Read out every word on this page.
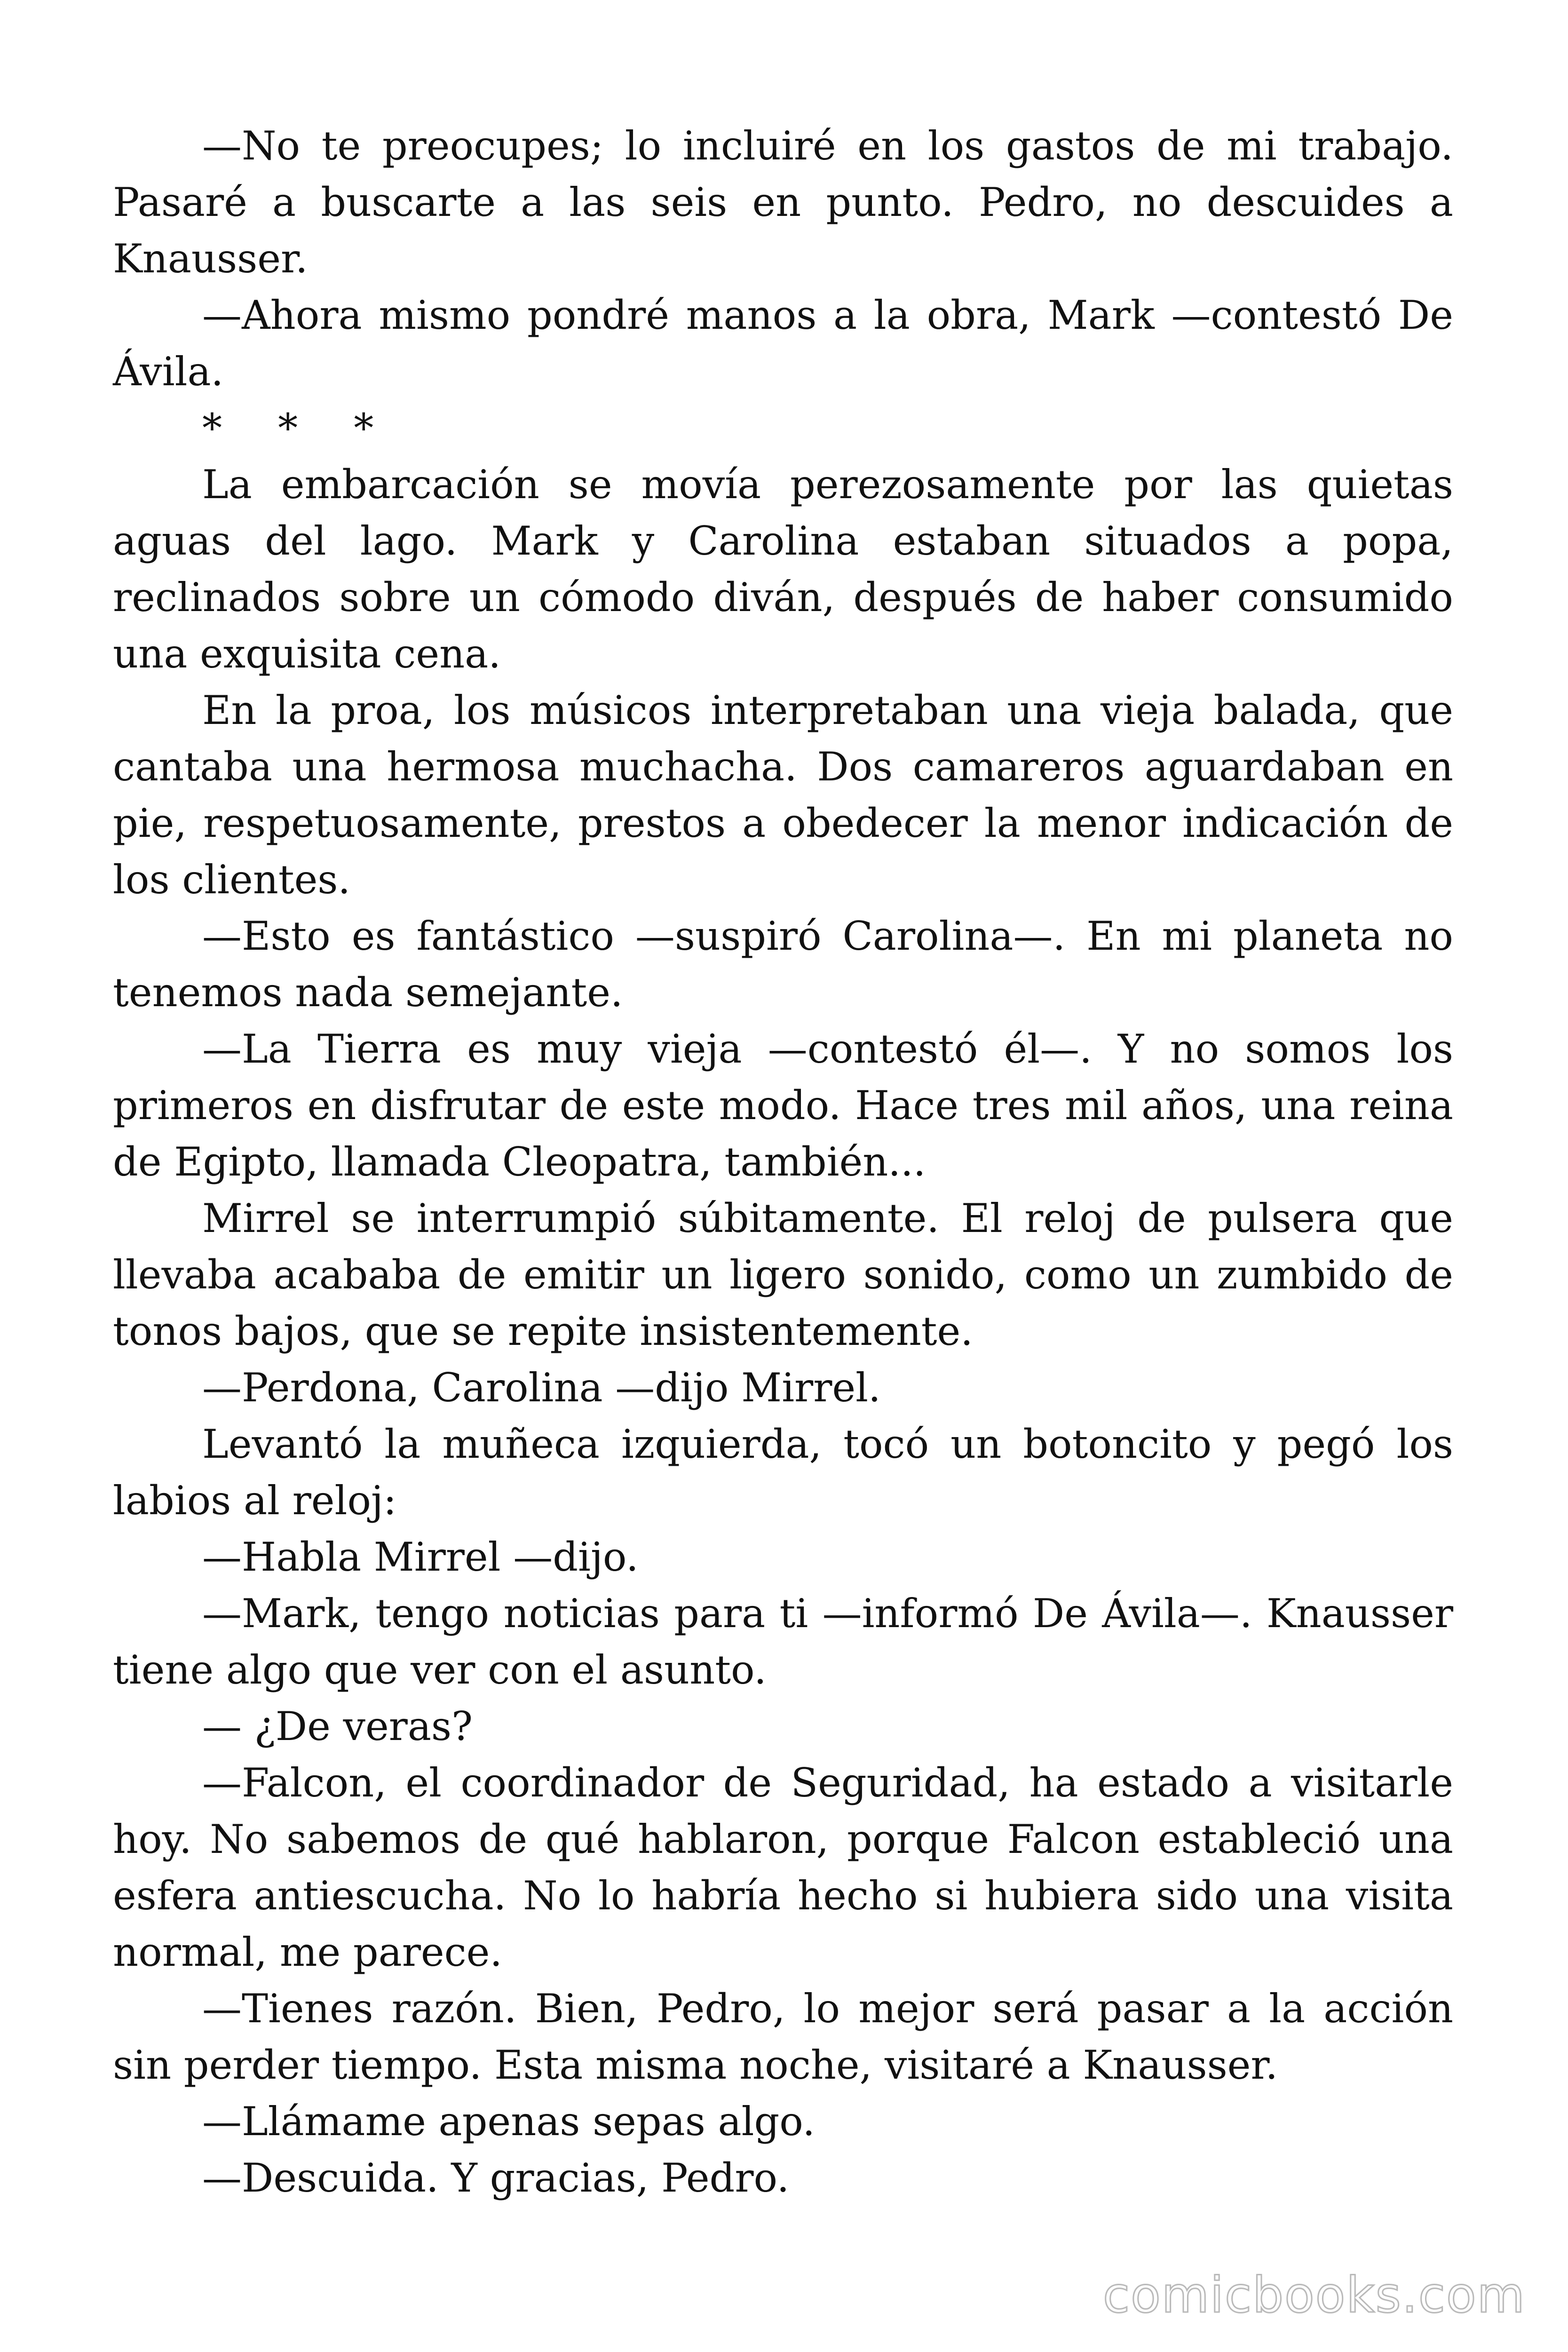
—No te preocupes; lo incluiré en los gastos de mi trabajo. Pasaré a buscarte a las seis en punto. Pedro, no descuides a Knausser.

—Ahora mismo pondré manos a la obra, Mark —contestó De Ávila.

* * *

La embarcación se movía perezosamente por las quietas aguas del lago. Mark y Carolina estaban situados a popa, reclinados sobre un cómodo diván, después de haber consumido una exquisita cena.

En la proa, los músicos interpretaban una vieja balada, que cantaba una hermosa muchacha. Dos camareros aguardaban en pie, respetuosamente, prestos a obedecer la menor indicación de los clientes.

—Esto es fantástico —suspiró Carolina—. En mi planeta no tenemos nada semejante.

—La Tierra es muy vieja —contestó él—. Y no somos los primeros en disfrutar de este modo. Hace tres mil años, una reina de Egipto, llamada Cleopatra, también...

Mirrel se interrumpió súbitamente. El reloj de pulsera que llevaba acababa de emitir un ligero sonido, como un zumbido de tonos bajos, que se repite insistentemente.

—Perdona, Carolina —dijo Mirrel.

Levantó la muñeca izquierda, tocó un botoncito y pegó los labios al reloj:

—Habla Mirrel —dijo.

—Mark, tengo noticias para ti —informó De Ávila—. Knausser tiene algo que ver con el asunto.

— ¿De veras?

—Falcon, el coordinador de Seguridad, ha estado a visitarle hoy. No sabemos de qué hablaron, porque Falcon estableció una esfera antiescucha. No lo habría hecho si hubiera sido una visita normal, me parece.

—Tienes razón. Bien, Pedro, lo mejor será pasar a la acción sin perder tiempo. Esta misma noche, visitaré a Knausser.

—Llámame apenas sepas algo.

—Descuida. Y gracias, Pedro.

comicbooks.com
